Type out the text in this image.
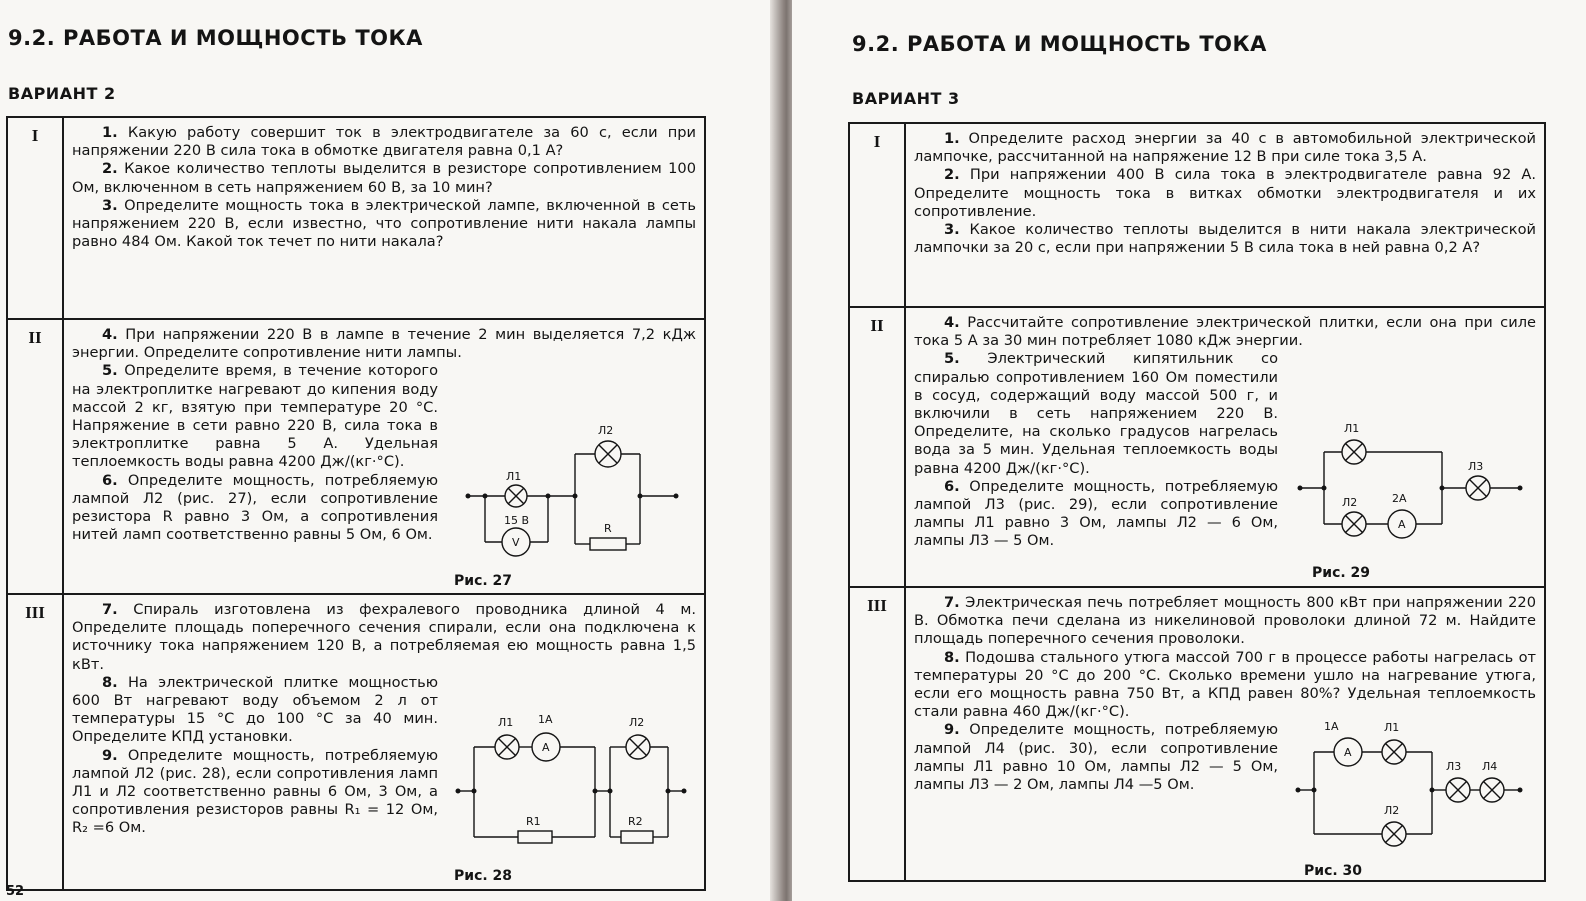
9.2. РАБОТА И МОЩНОСТЬ ТОКА
ВАРИАНТ 2
I	1. Какую работу совершит ток в электродвигателе за 60 с, если при напряжении 220 В сила тока в обмотке двигателя равна 0,1 А?

2. Какое количество теплоты выделится в резисторе сопротивлением 100 Ом, включенном в сеть напряжением 60 В, за 10 мин?

3. Определите мощность тока в электрической лампе, включенной в сеть напряжением 220 В, если известно, что сопротивление нити накала лампы равно 484 Ом. Какой ток течет по нити накала?

II	4. При напряжении 220 В в лампе в течение 2 мин выделяется 7,2 кДж энергии. Определите сопротивление нити лампы.

5. Определите время, в течение которого на электроплитке нагревают до кипения воду массой 2 кг, взятую при температуре 20 °С. Напряжение в сети равно 220 В, сила тока в электроплитке равна 5 А. Удельная теплоемкость воды равна 4200 Дж/(кг·°С).

6. Определите мощность, потребляемую лампой Л2 (рис. 27), если сопротивление резистора R равно 3 Ом, а сопротивления нитей ламп соответственно равны 5 Ом, 6 Ом.

Л1
Л2
15 В
V
R
Рис. 27
III	7. Спираль изготовлена из фехралевого проводника длиной 4 м. Определите площадь поперечного сечения спирали, если она подключена к источнику тока напряжением 120 В, а потребляемая ею мощность равна 1,5 кВт.

8. На электрической плитке мощностью 600 Вт нагревают воду объемом 2 л от температуры 15 °С до 100 °С за 40 мин. Определите КПД установки.

9. Определите мощность, потребляемую лампой Л2 (рис. 28), если сопротивления ламп Л1 и Л2 соответственно равны 6 Ом, 3 Ом, а сопротивления резисторов равны R₁ = 12 Ом, R₂ =6 Ом.

Л1 1А
A
Л2
R1	R2
Рис. 28
52
9.2. РАБОТА И МОЩНОСТЬ ТОКА
ВАРИАНТ 3
I	1. Определите расход энергии за 40 с в автомобильной электрической лампочке, рассчитанной на напряжение 12 В при силе тока 3,5 А.

2. При напряжении 400 В сила тока в электродвигателе равна 92 А. Определите мощность тока в витках обмотки электродвигателя и их сопротивление.

3. Какое количество теплоты выделится в нити накала электрической лампочки за 20 с, если при напряжении 5 В сила тока в ней равна 0,2 А?

II	4. Рассчитайте сопротивление электрической плитки, если она при силе тока 5 А за 30 мин потребляет 1080 кДж энергии.

5. Электрический кипятильник со спиралью сопротивлением 160 Ом поместили в сосуд, содержащий воду массой 500 г, и включили в сеть напряжением 220 В. Определите, на сколько градусов нагрелась вода за 5 мин. Удельная теплоемкость воды равна 4200 Дж/(кг·°С).

6. Определите мощность, потребляемую лампой Л3 (рис. 29), если сопротивление лампы Л1 равно 3 Ом, лампы Л2 — 6 Ом, лампы Л3 — 5 Ом.

Л1
Л2	2А
A
Л3
Рис. 29
III	7. Электрическая печь потребляет мощность 800 кВт при напряжении 220 В. Обмотка печи сделана из никелиновой проволоки длиной 72 м. Найдите площадь поперечного сечения проволоки.

8. Подошва стального утюга массой 700 г в процессе работы нагрелась от температуры 20 °С до 200 °С. Сколько времени ушло на нагревание утюга, если его мощность равна 750 Вт, а КПД равен 80%? Удельная теплоемкость стали равна 460 Дж/(кг·°С).

9. Определите мощность, потребляемую лампой Л4 (рис. 30), если сопротивление лампы Л1 равно 10 Ом, лампы Л2 — 5 Ом, лампы Л3 — 2 Ом, лампы Л4 —5 Ом.

1А
A
Л1
Л2
Л3 Л4
Рис. 30
